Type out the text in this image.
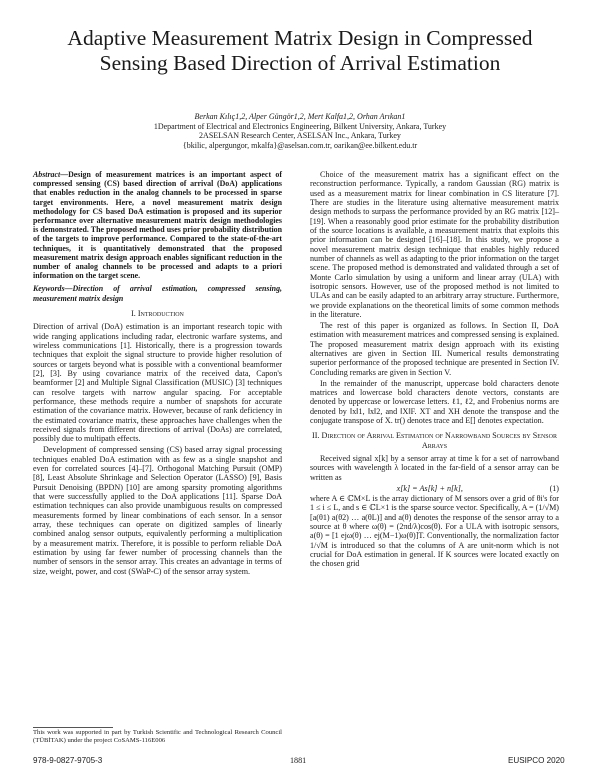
Adaptive Measurement Matrix Design in Compressed Sensing Based Direction of Arrival Estimation
Berkan Kılıç1,2, Alper Güngör1,2, Mert Kalfa1,2, Orhan Arıkan1
1Department of Electrical and Electronics Engineering, Bilkent University, Ankara, Turkey
2ASELSAN Research Center, ASELSAN Inc., Ankara, Turkey
{bkilic, alpergungor, mkalfa}@aselsan.com.tr, oarikan@ee.bilkent.edu.tr

Abstract—Design of measurement matrices is an important aspect of compressed sensing (CS) based direction of arrival (DoA) applications that enables reduction in the analog channels to be processed in sparse target environments. Here, a novel measurement matrix design methodology for CS based DoA estimation is proposed and its superior performance over alternative measurement matrix design methodologies is demonstrated. The proposed method uses prior probability distribution of the targets to improve performance. Compared to the state-of-the-art techniques, it is quantitatively demonstrated that the proposed measurement matrix design approach enables significant reduction in the number of analog channels to be processed and adapts to a priori information on the target scene.

Keywords—Direction of arrival estimation, compressed sensing, measurement matrix design

I. Introduction

Direction of arrival (DoA) estimation is an important research topic with wide ranging applications including radar, electronic warfare systems, and wireless communications [1]. Historically, there is a progression towards techniques that exploit the signal structure to provide higher resolution of sources or targets beyond what is possible with a conventional beamformer [2], [3]. By using covariance matrix of the received data, Capon's beamformer [2] and Multiple Signal Classification (MUSIC) [3] techniques can resolve targets with narrow angular spacing. For acceptable performance, these methods require a number of snapshots for accurate estimation of the covariance matrix. However, because of rank deficiency in the estimated covariance matrix, these approaches have challenges when the received signals from different directions of arrival (DoAs) are correlated, possibly due to multipath effects.

Development of compressed sensing (CS) based array signal processing techniques enabled DoA estimation with as few as a single snapshot and even for correlated sources [4]–[7]. Orthogonal Matching Pursuit (OMP) [8], Least Absolute Shrinkage and Selection Operator (LASSO) [9], Basis Pursuit Denoising (BPDN) [10] are among sparsity promoting algorithms that were successfully applied to the DoA applications [11]. Sparse DoA estimation techniques can also provide unambiguous results on compressed measurements formed by linear combinations of each sensor. In a sensor array, these techniques can operate on digitized samples of linearly combined analog sensor outputs, equivalently performing a multiplication by a measurement matrix. Therefore, it is possible to perform reliable DoA estimation by using far fewer number of processing channels than the number of sensors in the sensor array. This creates an advantage in terms of size, weight, power, and cost (SWaP-C) of the sensor array system.

This work was supported in part by Turkish Scientific and Technological Research Council (TÜBİTAK) under the project CoSAMS-116E006

Choice of the measurement matrix has a significant effect on the reconstruction performance. Typically, a random Gaussian (RG) matrix is used as a measurement matrix for linear combination in CS literature [7]. There are studies in the literature using alternative measurement matrix design methods to surpass the performance provided by an RG matrix [12]–[19]. When a reasonably good prior estimate for the probability distribution of the source locations is available, a measurement matrix that exploits this prior information can be designed [16]–[18]. In this study, we propose a novel measurement matrix design technique that enables highly reduced number of channels as well as adapting to the prior information on the target scene. The proposed method is demonstrated and validated through a set of Monte Carlo simulation by using a uniform and linear array (ULA) with isotropic sensors. However, use of the proposed method is not limited to ULAs and can be easily adapted to an arbitrary array structure. Furthermore, we provide explanations on the theoretical limits of some common methods in the literature.

The rest of this paper is organized as follows. In Section II, DoA estimation with measurement matrices and compressed sensing is explained. The proposed measurement matrix design approach with its existing alternatives are given in Section III. Numerical results demonstrating superior performance of the proposed technique are presented in Section IV. Concluding remarks are given in Section V.

In the remainder of the manuscript, uppercase bold characters denote matrices and lowercase bold characters denote vectors, constants are denoted by uppercase or lowercase letters. ℓ1, ℓ2, and Frobenius norms are denoted by ‖x‖1, ‖x‖2, and ‖X‖F. XT and XH denote the transpose and the conjugate transpose of X. tr() denotes trace and E[] denotes expectation.

II. Direction of Arrival Estimation of Narrowband Sources by Sensor Arrays

Received signal x[k] by a sensor array at time k for a set of narrowband sources with wavelength λ located in the far-field of a sensor array can be written as

x[k] = As[k] + n[k],	(1)

where A ∈ ℂM×L is the array dictionary of M sensors over a grid of θi's for 1 ≤ i ≤ L, and s ∈ ℂL×1 is the sparse source vector. Specifically, A = (1/√M)[a(θ1) a(θ2) … a(θL)] and a(θ) denotes the response of the sensor array to a source at θ where ω(θ) = (2πd/λ)cos(θ). For a ULA with isotropic sensors, a(θ) = [1 ejω(θ) … ej(M−1)ω(θ)]T. Conventionally, the normalization factor 1/√M is introduced so that the columns of A are unit-norm which is not crucial for DoA estimation in general. If K sources were located exactly on the chosen grid

978-9-0827-9705-3	1881	EUSIPCO 2020
